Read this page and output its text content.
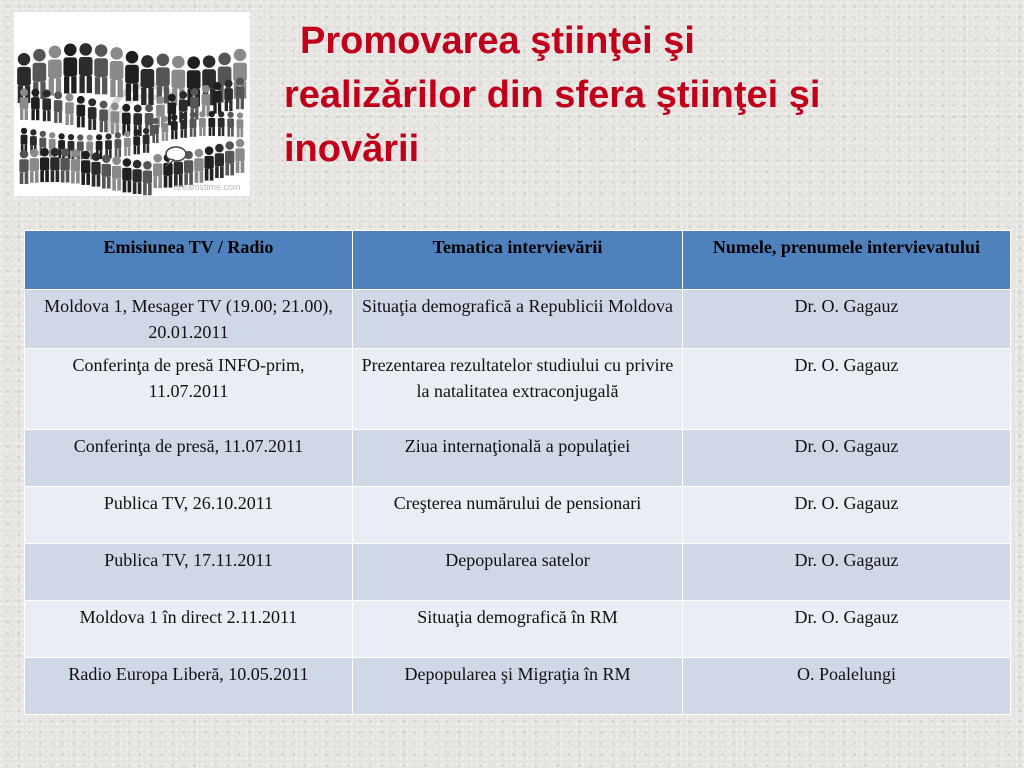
dreamstime.com
Promovarea ştiinţei şi
realizărilor din sfera ştiinţei şi
inovării
Emisiunea TV / Radio	Tematica intervievării	Numele, prenumele intervievatului
Moldova 1, Mesager TV (19.00; 21.00), 20.01.2011	Situaţia demografică a Republicii Moldova	Dr. O. Gagauz
Conferinţa de presă INFO-prim, 11.07.2011	Prezentarea rezultatelor studiului cu privire la natalitatea extraconjugală	Dr. O. Gagauz
Conferinţa de presă, 11.07.2011	Ziua internaţională a populaţiei	Dr. O. Gagauz
Publica TV, 26.10.2011	Creşterea numărului de pensionari	Dr. O. Gagauz
Publica TV, 17.11.2011	Depopularea satelor	Dr. O. Gagauz
Moldova 1 în direct 2.11.2011	Situaţia demografică în RM	Dr. O. Gagauz
Radio Europa Liberă, 10.05.2011	Depopularea şi Migraţia în RM	O. Poalelungi
